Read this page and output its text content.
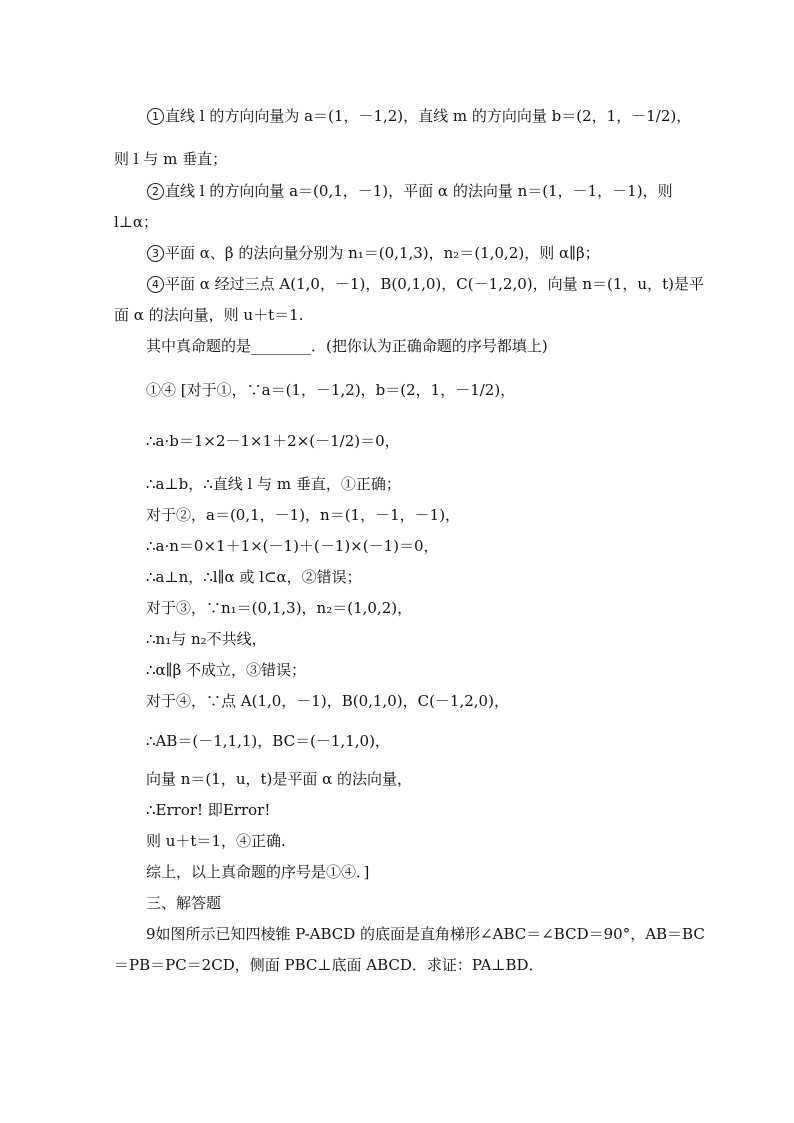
1 直线 l 的方向向量为 a＝(1，－1,2)，直线 m 的方向向量 b＝(2，1，－1/2)，
则 l 与 m 垂直；
2 直线 l 的方向向量 a＝(0,1，－1)，平面 α 的法向量 n＝(1，－1，－1)，则
l⊥α；
3 平面 α、β 的法向量分别为 n₁＝(0,1,3)，n₂＝(1,0,2)，则 α∥β；
4 平面 α 经过三点 A(1,0，－1)，B(0,1,0)，C(－1,2,0)，向量 n＝(1，u，t)是平
面 α 的法向量，则 u＋t＝1.
其中真命题的是________．(把你认为正确命题的序号都填上)
①④ [对于①，∵a＝(1，－1,2)，b＝(2，1，－1/2)，
∴a·b＝1×2－1×1＋2×(－1/2)＝0，
∴a⊥b，∴直线 l 与 m 垂直，①正确；
对于②，a＝(0,1，－1)，n＝(1，－1，－1)，
∴a·n＝0×1＋1×(－1)＋(－1)×(－1)＝0，
∴a⊥n，∴l∥α 或 l⊂α，②错误；
对于③，∵n₁＝(0,1,3)，n₂＝(1,0,2)，
∴n₁与 n₂不共线，
∴α∥β 不成立，③错误；
对于④，∵点 A(1,0，－1)，B(0,1,0)，C(－1,2,0)，
∴AB＝(－1,1,1)，BC＝(－1,1,0)，
向量 n＝(1，u，t)是平面 α 的法向量，
∴Error! 即Error!
则 u＋t＝1，④正确.
综上，以上真命题的序号是①④．]
三、解答题
9如图所示已知四棱锥 P-ABCD 的底面是直角梯形∠ABC＝∠BCD＝90°，AB＝BC
＝PB＝PC＝2CD，侧面 PBC⊥底面 ABCD．求证：PA⊥BD．
